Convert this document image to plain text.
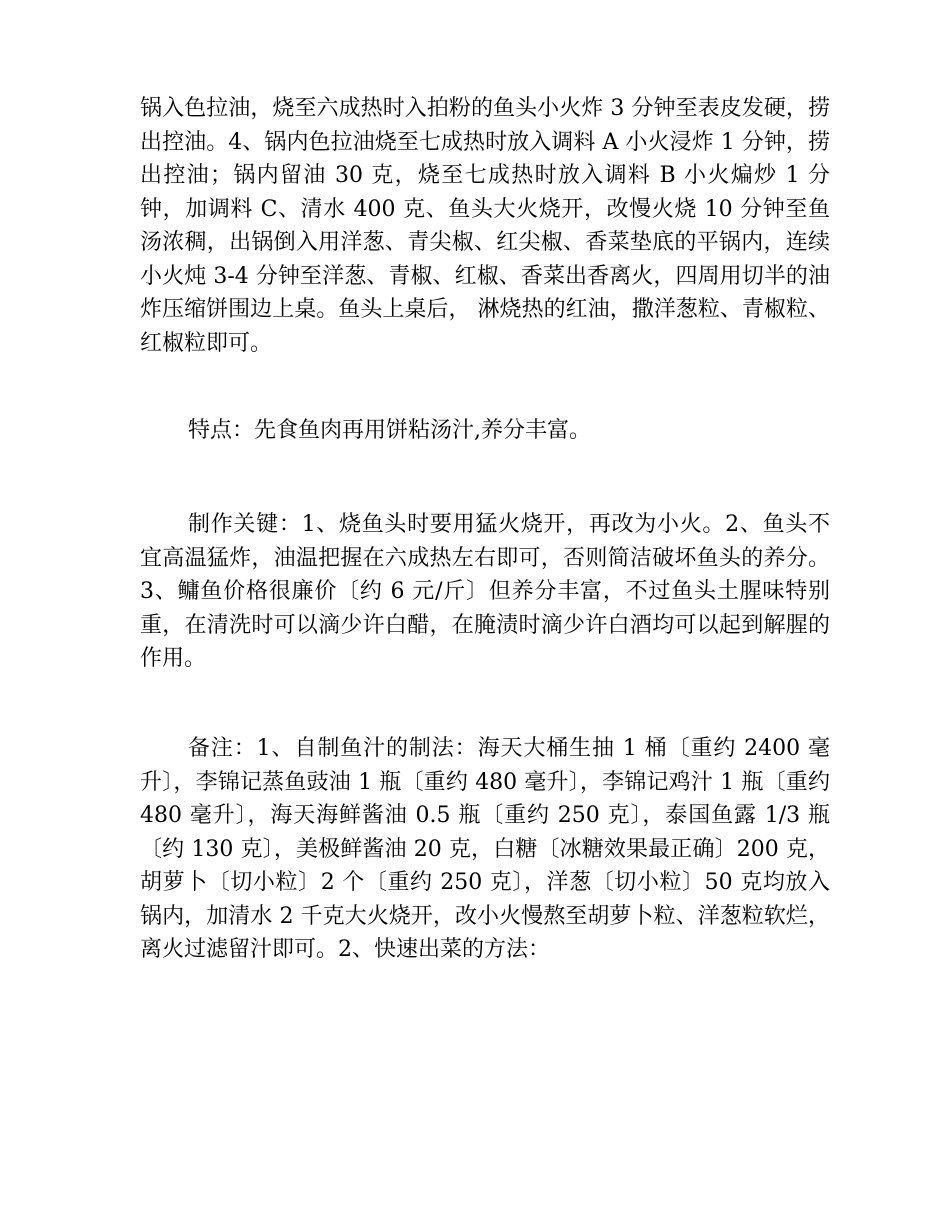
锅入色拉油，烧至六成热时入拍粉的鱼头小火炸 3 分钟至表皮发硬，捞出控油。4、锅内色拉油烧至七成热时放入调料 A 小火浸炸 1 分钟，捞出控油；锅内留油 30 克，烧至七成热时放入调料 B 小火煸炒 1 分钟，加调料 C、清水 400 克、鱼头大火烧开，改慢火烧 10 分钟至鱼汤浓稠，出锅倒入用洋葱、青尖椒、红尖椒、香菜垫底的平锅内，连续小火炖 3-4 分钟至洋葱、青椒、红椒、香菜出香离火，四周用切半的油炸压缩饼围边上桌。鱼头上桌后， 淋烧热的红油，撒洋葱粒、青椒粒、红椒粒即可。

特点：先食鱼肉再用饼粘汤汁,养分丰富。

制作关键：1、烧鱼头时要用猛火烧开，再改为小火。2、鱼头不宜高温猛炸，油温把握在六成热左右即可，否则简洁破坏鱼头的养分。3、鳙鱼价格很廉价〔约 6 元/斤〕但养分丰富，不过鱼头土腥味特别重，在清洗时可以滴少许白醋，在腌渍时滴少许白酒均可以起到解腥的作用。

备注：1、自制鱼汁的制法：海天大桶生抽 1 桶〔重约 2400 毫升〕，李锦记蒸鱼豉油 1 瓶〔重约 480 毫升〕，李锦记鸡汁 1 瓶〔重约 480 毫升〕，海天海鲜酱油 0.5 瓶〔重约 250 克〕，泰国鱼露 1/3 瓶〔约 130 克〕，美极鲜酱油 20 克，白糖〔冰糖效果最正确〕200 克，胡萝卜〔切小粒〕2 个〔重约 250 克〕，洋葱〔切小粒〕50 克均放入锅内，加清水 2 千克大火烧开，改小火慢熬至胡萝卜粒、洋葱粒软烂，离火过滤留汁即可。2、快速出菜的方法：
